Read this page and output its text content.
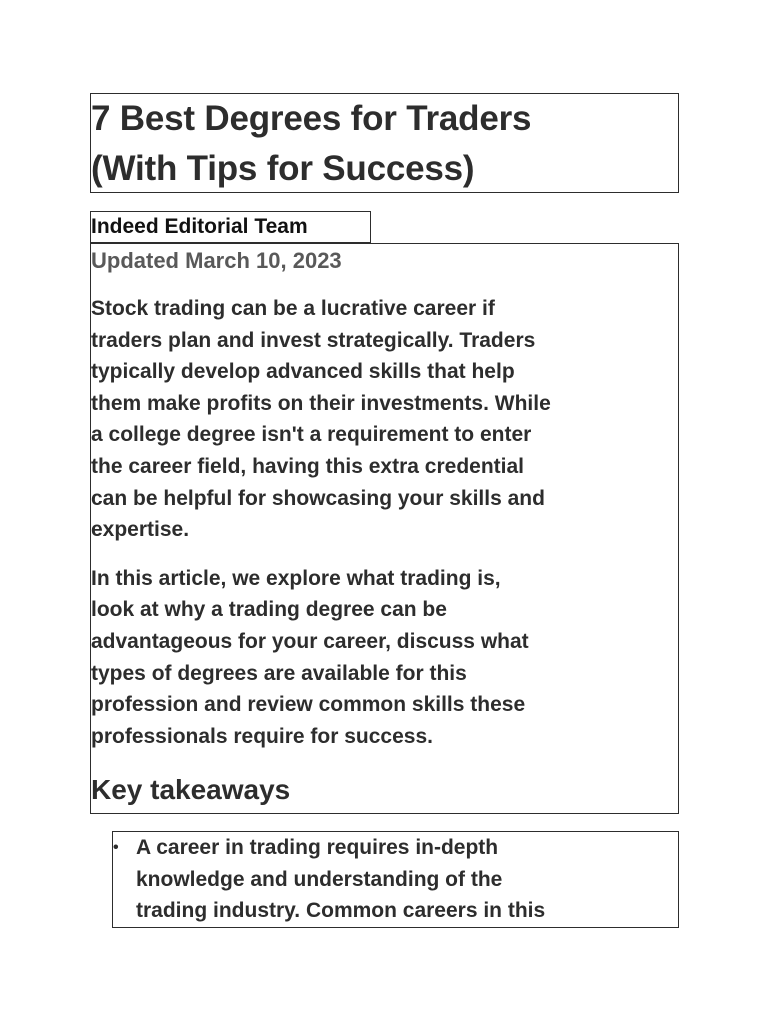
7 Best Degrees for Traders
(With Tips for Success)
Indeed Editorial Team

Updated March 10, 2023

Stock trading can be a lucrative career if
traders plan and invest strategically. Traders
typically develop advanced skills that help
them make profits on their investments. While
a college degree isn't a requirement to enter
the career field, having this extra credential
can be helpful for showcasing your skills and
expertise.

In this article, we explore what trading is,
look at why a trading degree can be
advantageous for your career, discuss what
types of degrees are available for this
profession and review common skills these
professionals require for success.

Key takeaways
• A career in trading requires in-depth
knowledge and understanding of the
trading industry. Common careers in this
